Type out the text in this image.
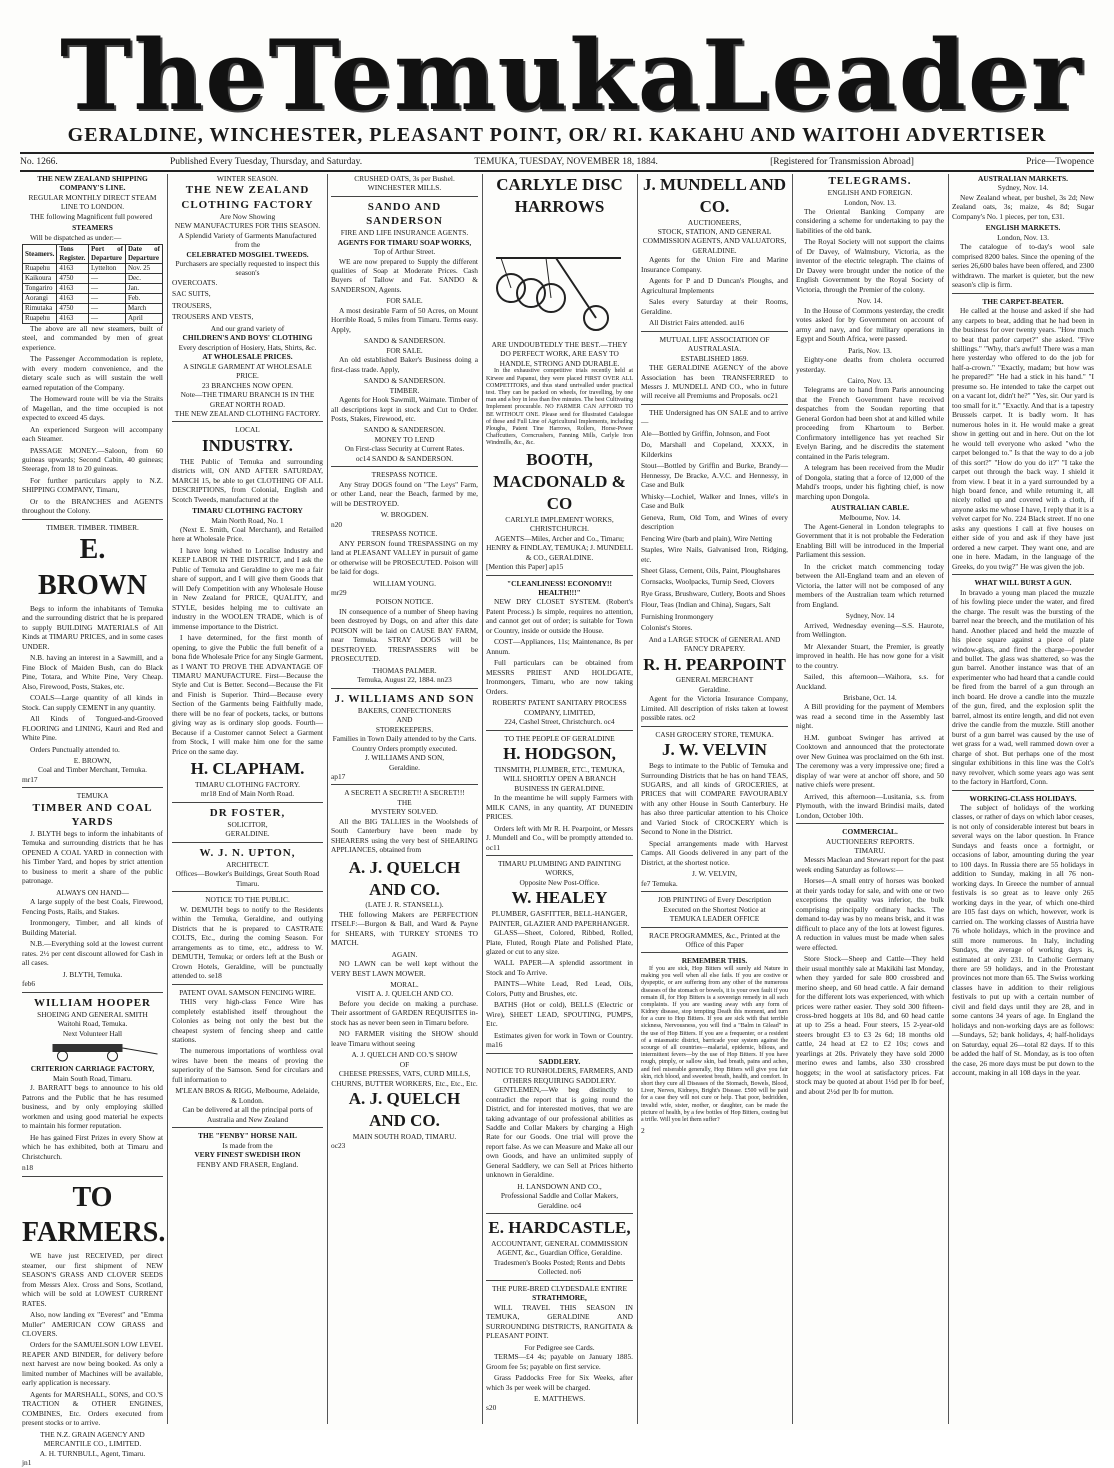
The Temuka Leader
GERALDINE, WINCHESTER, PLEASANT POINT, OR/ RI. KAKAHU AND WAITOHI ADVERTISER
No. 1266.	Published Every Tuesday, Thursday, and Saturday.	TEMUKA, TUESDAY, NOVEMBER 18, 1884.	[Registered for Transmission Abroad]	Price—Twopence
THE NEW ZEALAND SHIPPING COMPANY'S LINE.
REGULAR MONTHLY DIRECT STEAM LINE TO LONDON.

THE following Magnificent full powered

STEAMERS

Will be dispatched as under:—

Steamers.	Tons Register.	Port of Departure	Date of Departure
Ruapehu	4163	Lyttelton	Nov. 25
Kaikoura	4750	—	Dec.
Tongariro	4163	—	Jan.
Aorangi	4163	—	Feb.
Rimutaka	4750	—	March
Ruapehu	4163	—	April

The above are all new steamers, built of steel, and commanded by men of great experience.

The Passenger Accommodation is replete, with every modern convenience, and the dietary scale such as will sustain the well earned reputation of the Company.

The Homeward route will be via the Straits of Magellan, and the time occupied is not expected to exceed 45 days.

An experienced Surgeon will accompany each Steamer.

PASSAGE MONEY.—Saloon, from 60 guineas upwards; Second Cabin, 40 guineas; Steerage, from 18 to 20 guineas.

For further particulars apply to N.Z. SHIPPING COMPANY, Timaru,

Or to the BRANCHES and AGENTS throughout the Colony.

TIMBER. TIMBER. TIMBER.
E. BROWN

Begs to inform the inhabitants of Temuka and the surrounding district that he is prepared to supply BUILDING MATERIALS of All Kinds at TIMARU PRICES, and in some cases UNDER.

N.B. having an interest in a Sawmill, and a Fine Block of Maiden Bush, can do Black Pine, Totara, and White Pine, Very Cheap. Also, Firewood, Posts, Stakes, etc.

COALS—Large quantity of all kinds in Stock. Can supply CEMENT in any quantity.

All Kinds of Tongued-and-Grooved FLOORING and LINING, Kauri and Red and White Pine.

Orders Punctually attended to.

E. BROWN,
Coal and Timber Merchant, Temuka.
mr17
TEMUKA
TIMBER AND COAL YARDS

J. BLYTH begs to inform the inhabitants of Temuka and surrounding districts that he has OPENED A COAL YARD in connection with his Timber Yard, and hopes by strict attention to business to merit a share of the public patronage.

ALWAYS ON HAND—

A large supply of the best Coals, Firewood, Fencing Posts, Rails, and Stakes.

Ironmongery, Timber, and all kinds of Building Material.

N.B.—Everything sold at the lowest current rates. 2½ per cent discount allowed for Cash in all cases.

J. BLYTH, Temuka.
feb6
WILLIAM HOOPER
SHOEING AND GENERAL SMITH
Waitohi Road, Temuka.
Next Volunteer Hall
CRITERION CARRIAGE FACTORY,
Main South Road, Timaru.

J. BARRATT begs to announce to his old Patrons and the Public that he has resumed business, and by only employing skilled workmen and using good material he expects to maintain his former reputation.

He has gained First Prizes in every Show at which he has exhibited, both at Timaru and Christchurch.

n18
TO FARMERS.

WE have just RECEIVED, per direct steamer, our first shipment of NEW SEASON'S GRASS AND CLOVER SEEDS from Messrs Alex. Cross and Sons, Scotland, which will be sold at LOWEST CURRENT RATES.

Also, now landing ex "Everest" and "Emma Muller" AMERICAN COW GRASS and CLOVERS.

Orders for the SAMUELSON LOW LEVEL REAPER AND BINDER, for delivery before next harvest are now being booked. As only a limited number of Machines will be available, early application is necessary.

Agents for MARSHALL, SONS, and CO.'S TRACTION & OTHER ENGINES, COMBINES, Etc. Orders executed from present stocks or to arrive.

THE N.Z. GRAIN AGENCY AND MERCANTILE CO., LIMITED.
A. H. TURNBULL, Agent, Timaru.
jn1
WINTER SEASON.
THE NEW ZEALAND CLOTHING FACTORY
Are Now Showing
NEW MANUFACTURES FOR THIS SEASON.
A Splendid Variety of Garments Manufactured from the
CELEBRATED MOSGIEL TWEEDS.
Purchasers are specially requested to inspect this season's
OVERCOATS.
SAC SUITS,
TROUSERS,
TROUSERS AND VESTS,
And our grand variety of
CHILDREN'S AND BOYS' CLOTHING
Every description of Hosiery, Hats, Shirts, &c.
AT WHOLESALE PRICES.
A SINGLE GARMENT AT WHOLESALE PRICE.
23 BRANCHES NOW OPEN.
Note—THE TIMARU BRANCH IS IN THE GREAT NORTH ROAD.
THE NEW ZEALAND CLOTHING FACTORY.
LOCAL
INDUSTRY.

THE Public of Temuka and surrounding districts will, ON AND AFTER SATURDAY, MARCH 15, be able to get CLOTHING OF ALL DESCRIPTIONS, from Colonial, English and Scotch Tweeds, manufactured at the

TIMARU CLOTHING FACTORY
Main North Road, No. 1

(Next E. Smith, Coal Merchant), and Retailed here at Wholesale Price.

I have long wished to Localise Industry and KEEP LABOR IN THE DISTRICT, and I ask the Public of Temuka and Geraldine to give me a fair share of support, and I will give them Goods that will Defy Competition with any Wholesale House in New Zealand for PRICE, QUALITY, and STYLE, besides helping me to cultivate an industry in the WOOLEN TRADE, which is of immense importance to the District.

I have determined, for the first month of opening, to give the Public the full benefit of a bona fide Wholesale Price for any Single Garment, as I WANT TO PROVE THE ADVANTAGE OF TIMARU MANUFACTURE. First—Because the Style and Cut is Better. Second—Because the Fit and Finish is Superior. Third—Because every Section of the Garments being Faithfully made, there will be no fear of pockets, tacks, or buttons giving way as is ordinary slop goods. Fourth—Because if a Customer cannot Select a Garment from Stock, I will make him one for the same Price on the same day.

H. CLAPHAM.
TIMARU CLOTHING FACTORY.
mr18 End of Main North Road.
DR FOSTER,
SOLICITOR,
GERALDINE.
W. J. N. UPTON,
ARCHITECT.
Offices—Bowker's Buildings, Great South Road Timaru.
NOTICE TO THE PUBLIC.

W. DEMUTH begs to notify to the Residents within the Temuka, Geraldine, and outlying Districts that he is prepared to CASTRATE COLTS, Etc., during the coming Season. For arrangements as to time, etc., address to W. DEMUTH, Temuka; or orders left at the Bush or Crown Hotels, Geraldine, will be punctually attended to. se18

PATENT OVAL SAMSON FENCING WIRE.

THIS very high-class Fence Wire has completely established itself throughout the Colonies as being not only the best but the cheapest system of fencing sheep and cattle stations.

The numerous importations of worthless oval wires have been the means of proving the superiority of the Samson. Send for circulars and full information to

M'LEAN BROS & RIGG, Melbourne, Adelaide, & London.
Can be delivered at all the principal ports of Australia and New Zealand
THE "FENBY" HORSE NAIL
Is made from the
VERY FINEST SWEDISH IRON
FENBY AND FRASER, England.
CRUSHED OATS, 3s per Bushel.
WINCHESTER MILLS.
SANDO AND SANDERSON
FIRE AND LIFE INSURANCE AGENTS.
AGENTS FOR TIMARU SOAP WORKS,
Top of Arthur Street.

WE are now prepared to Supply the different qualities of Soap at Moderate Prices. Cash Buyers of Tallow and Fat. SANDO & SANDERSON, Agents.

FOR SALE.

A most desirable Farm of 50 Acres, on Mount Horrible Road, 5 miles from Timaru. Terms easy. Apply,

SANDO & SANDERSON.
FOR SALE.

An old established Baker's Business doing a first-class trade. Apply,

SANDO & SANDERSON.
TIMBER.

Agents for Hook Sawmill, Waimate. Timber of all descriptions kept in stock and Cut to Order. Posts, Stakes, Firewood, etc.

SANDO & SANDERSON.
MONEY TO LEND
On First-class Security at Current Rates.
oc14 SANDO & SANDERSON.
TRESPASS NOTICE.

Any Stray DOGS found on "The Leys" Farm, or other Land, near the Beach, farmed by me, will be DESTROYED.

W. BROGDEN.
n20
TRESPASS NOTICE.

ANY PERSON found TRESPASSING on my land at PLEASANT VALLEY in pursuit of game or otherwise will be PROSECUTED. Poison will be laid for dogs.

WILLIAM YOUNG.
mr29
POISON NOTICE.

IN consequence of a number of Sheep having been destroyed by Dogs, on and after this date POISON will be laid on CAUSE BAY FARM, near Temuka. STRAY DOGS will be DESTROYED. TRESPASSERS will be PROSECUTED.

THOMAS PALMER.
Temuka, August 22, 1884. nn23
J. WILLIAMS AND SON
BAKERS, CONFECTIONERS
AND
STOREKEEPERS.
Families in Town Daily attended to by the Carts.
Country Orders promptly executed.
J. WILLIAMS AND SON,
Geraldine.
ap17
A SECRET! A SECRET!! A SECRET!!!
THE
MYSTERY SOLVED.

All the BIG TALLIES in the Woolsheds of South Canterbury have been made by SHEARERS using the very best of SHEARING APPLIANCES, obtained from

A. J. QUELCH AND CO.
(LATE J. R. STANSELL).

THE following Makers are PERFECTION ITSELF:—Burgon & Ball, and Ward & Payne for SHEARS, with TURKEY STONES TO MATCH.

AGAIN.

NO LAWN can be well kept without the VERY BEST LAWN MOWER.

MORAL.
VISIT A. J. QUELCH AND CO.

Before you decide on making a purchase. Their assortment of GARDEN REQUISITES in-stock has as never been seen in Timaru before.

NO FARMER visiting the SHOW should leave Timaru without seeing

A. J. QUELCH AND CO.'S SHOW
OF
CHEESE PRESSES, VATS, CURD MILLS, CHURNS, BUTTER WORKERS, Etc., Etc., Etc.
A. J. QUELCH AND CO.
MAIN SOUTH ROAD, TIMARU.
oc23
CARLYLE DISC HARROWS
ARE UNDOUBTEDLY THE BEST.—THEY DO PERFECT WORK, ARE EASY TO HANDLE, STRONG AND DURABLE.

In the exhaustive competitive trials recently held at Kirwee and Papanui, they were placed FIRST OVER ALL COMPETITORS, and thus stand unrivalled under practical test. They can be packed on wheels, for travelling, by one man and a boy in less than five minutes. The best Cultivating Implement procurable. NO FARMER CAN AFFORD TO BE WITHOUT ONE. Please send for Illustrated Catalogue of these and Full Line of Agricultural Implements, including Ploughs, Patent Tine Harrows, Rollers, Horse-Power Chaffcutters, Corncrushers, Fanning Mills, Carlyle Iron Windmills, &c., &c.

BOOTH, MACDONALD & CO
CARLYLE IMPLEMENT WORKS, CHRISTCHURCH.
AGENTS—Miles, Archer and Co., Timaru; HENRY & FINDLAY, TEMUKA; J. MUNDELL & CO., GERALDINE.
[Mention this Paper] ap15
"CLEANLINESS! ECONOMY!! HEALTH!!!"

NEW DRY CLOSET SYSTEM. (Robert's Patent Process.) Is simple, requires no attention, and cannot get out of order; is suitable for Town or Country, inside or outside the House.

COST—Appliances, 11s; Maintenance, 8s per Annum.

Full particulars can be obtained from MESSRS PRIEST AND HOLDGATE, Ironmongers, Timaru, who are now taking Orders.

ROBERTS' PATENT SANITARY PROCESS COMPANY, LIMITED,
224, Cashel Street, Christchurch. oc4
TO THE PEOPLE OF GERALDINE
H. HODGSON,
TINSMITH, PLUMBER, ETC., TEMUKA,
WILL SHORTLY OPEN A BRANCH BUSINESS IN GERALDINE.

In the meantime he will supply Farmers with MILK CANS, in any quantity, AT DUNEDIN PRICES.

Orders left with Mr R. H. Pearpoint, or Messrs J. Mundell and Co., will be promptly attended to. oc11

TIMARU PLUMBING AND PAINTING WORKS,
Opposite New Post-Office.
W. HEALEY
PLUMBER, GASFITTER, BELL-HANGER, PAINTER, GLAZIER AND PAPERHANGER.

GLASS—Sheet, Colored, Ribbed, Rolled, Plate, Fluted, Rough Plate and Polished Plate, glazed or cut to any size.

WALL PAPER—A splendid assortment in Stock and To Arrive.

PAINTS—White Lead, Red Lead, Oils, Colors, Putty and Brushes, etc.

BATHS (Hot or cold), BELLS (Electric or Wire), SHEET LEAD, SPOUTING, PUMPS, Etc.

Estimates given for work in Town or Country. ma16

SADDLERY.
NOTICE TO RUNHOLDERS, FARMERS, AND OTHERS REQUIRING SADDLERY.

GENTLEMEN,—We beg distinctly to contradict the report that is going round the District, and for interested motives, that we are taking advantage of our professional abilities as Saddle and Collar Makers by charging a High Rate for our Goods. One trial will prove the report false. As we can Measure and Make all our own Goods, and have an unlimited supply of General Saddlery, we can Sell at Prices hitherto unknown in Geraldine.

H. LANSDOWN AND CO.,
Professional Saddle and Collar Makers, Geraldine. oc4
E. HARDCASTLE,
ACCOUNTANT, GENERAL COMMISSION AGENT, &c., Guardian Office, Geraldine.
Tradesmen's Books Posted; Rents and Debts Collected. no6
THE PURE-BRED CLYDESDALE ENTIRE
STRATHMORE,

WILL TRAVEL THIS SEASON IN TEMUKA, GERALDINE AND SURROUNDING DISTRICTS, RANGITATA & PLEASANT POINT.

For Pedigree see Cards.

TERMS—£4 4s; payable on January 1885. Groom fee 5s; payable on first service.

Grass Paddocks Free for Six Weeks, after which 3s per week will be charged.

E. MATTHEWS.
s20
J. MUNDELL AND CO.
AUCTIONEERS,
STOCK, STATION, AND GENERAL COMMISSION AGENTS, AND VALUATORS,
GERALDINE.

Agents for the Union Fire and Marine Insurance Company.

Agents for P and D Duncan's Ploughs, and Agricultural Implements

Sales every Saturday at their Rooms, Geraldine.

All District Fairs attended. au16

MUTUAL LIFE ASSOCIATION OF AUSTRALASIA.
ESTABLISHED 1869.

THE GERALDINE AGENCY of the above Association has been TRANSFERRED to Messrs J. MUNDELL AND CO., who in future will receive all Premiums and Proposals. oc21

THE Undersigned has ON SALE and to arrive—

Ale—Bottled by Griffin, Johnson, and Foot
Do, Marshall and Copeland, XXXX, in Kilderkins
Stout—Bottled by Griffin and Burke, Brandy—Hennessy, De Bracke, A.V.C. and Hennessy, in Case and Bulk
Whisky—Lochiel, Walker and Innes, ville's in Case and Bulk
Geneva, Rum, Old Tom, and Wines of every description
Fencing Wire (barb and plain), Wire Netting
Staples, Wire Nails, Galvanised Iron, Ridging, etc.
Sheet Glass, Cement, Oils, Paint, Ploughshares
Cornsacks, Woolpacks, Turnip Seed, Clovers
Rye Grass, Brushware, Cutlery, Boots and Shoes
Flour, Teas (Indian and China), Sugars, Salt
Furnishing Ironmongery
Colonist's Stores.
And a LARGE STOCK of GENERAL AND FANCY DRAPERY.
R. H. PEARPOINT
GENERAL MERCHANT
Geraldine.

Agent for the Victoria Insurance Company, Limited. All description of risks taken at lowest possible rates. oc2

CASH GROCERY STORE, TEMUKA.
J. W. VELVIN

Begs to intimate to the Public of Temuka and Surrounding Districts that he has on hand TEAS, SUGARS, and all kinds of GROCERIES, at PRICES that will COMPARE FAVOURABLY with any other House in South Canterbury. He has also three particular attention to his Choice and Varied Stock of CROCKERY which is Second to None in the District.

Special arrangements made with Harvest Camps. All Goods delivered in any part of the District, at the shortest notice.

J. W. VELVIN,
fe7 Temuka.
JOB PRINTING of Every Description
Executed on the Shortest Notice at
TEMUKA LEADER OFFICE
RACE PROGRAMMES, &c., Printed at the Office of this Paper
REMEMBER THIS.

If you are sick, Hop Bitters will surely aid Nature in making you well when all else fails. If you are costive or dyspeptic, or are suffering from any other of the numerous diseases of the stomach or bowels, it is your own fault if you remain ill, for Hop Bitters is a sovereign remedy in all such complaints. If you are wasting away with any form of Kidney disease, stop tempting Death this moment, and turn for a cure to Hop Bitters. If you are sick with that terrible sickness, Nervousness, you will find a "Balm in Gilead" in the use of Hop Bitters. If you are a frequenter, or a resident of a miasmatic district, barricade your system against the scourge of all countries—malarial, epidemic, bilious, and intermittent fevers—by the use of Hop Bitters. If you have rough, pimply, or sallow skin, bad breath, pains and aches, and feel miserable generally, Hop Bitters will give you fair skin, rich blood, and sweetest breath, health, and comfort. In short they cure all Diseases of the Stomach, Bowels, Blood, Liver, Nerves, Kidneys, Bright's Disease. £500 will be paid for a case they will not cure or help. That poor, bedridden, invalid wife, sister, mother, or daughter, can be made the picture of health, by a few bottles of Hop Bitters, costing but a trifle. Will you let them suffer?

2
TELEGRAMS.
ENGLISH AND FOREIGN.
London, Nov. 13.

The Oriental Banking Company are considering a scheme for undertaking to pay the liabilities of the old bank.

The Royal Society will not support the claims of Dr Davey, of Walmsbury, Victoria, as the inventor of the electric telegraph. The claims of Dr Davey were brought under the notice of the English Government by the Royal Society of Victoria, through the Premier of the colony.

Nov. 14.

In the House of Commons yesterday, the credit votes asked for by Government on account of army and navy, and for military operations in Egypt and South Africa, were passed.

Paris, Nov. 13.

Eighty-one deaths from cholera occurred yesterday.

Cairo, Nov. 13.

Telegrams are to hand from Paris announcing that the French Government have received despatches from the Soudan reporting that General Gordon had been shot at and killed while proceeding from Khartoum to Berber. Confirmatory intelligence has yet reached Sir Evelyn Baring, and he discredits the statement contained in the Paris telegram.

A telegram has been received from the Mudir of Dongola, stating that a force of 12,000 of the Mahdi's troops, under his fighting chief, is now marching upon Dongola.

AUSTRALIAN CABLE.
Melbourne, Nov. 14.

The Agent-General in London telegraphs to Government that it is not probable the Federation Enabling Bill will be introduced in the Imperial Parliament this session.

In the cricket match commencing today between the All-England team and an eleven of Victoria, the latter will not be composed of any members of the Australian team which returned from England.

Sydney, Nov. 14

Arrived, Wednesday evening—S.S. Haurote, from Wellington.

Mr Alexander Stuart, the Premier, is greatly improved in health. He has now gone for a visit to the country.

Sailed, this afternoon—Waihora, s.s. for Auckland.

Brisbane, Oct. 14.

A Bill providing for the payment of Members was read a second time in the Assembly last night.

H.M. gunboat Swinger has arrived at Cooktown and announced that the protectorate over New Guinea was proclaimed on the 6th inst. The ceremony was a very impressive one; fired a display of war were at anchor off shore, and 50 native chiefs were present.

Arrived, this afternoon—Lusitania, s.s. from Plymouth, with the inward Brindisi mails, dated London, October 10th.

COMMERCIAL.
AUCTIONEERS' REPORTS.
TIMARU.

Messrs Maclean and Stewart report for the past week ending Saturday as follows:—

Horses—A small entry of horses was booked at their yards today for sale, and with one or two exceptions the quality was inferior, the bulk comprising principally ordinary hacks. The demand to-day was by no means brisk, and it was difficult to place any of the lots at lowest figures. A reduction in values must be made when sales were effected.

Store Stock—Sheep and Cattle—They held their usual monthly sale at Makikihi last Monday, when they yarded for sale 800 crossbred and merino sheep, and 60 head cattle. A fair demand for the different lots was experienced, with which prices were rather easier. They sold 300 fifteen-cross-bred hoggets at 10s 8d, and 60 head cattle at up to 25s a head. Four steers, 15 2-year-old steers brought £3 to £3 2s 6d; 18 months old cattle, 24 head at £2 to £2 10s; cows and yearlings at 20s. Privately they have sold 2000 merino ewes and lambs, also 330 crossbred hoggets; in the wool at satisfactory prices. Fat stock may be quoted at about 1½d per lb for beef, and about 2½d per lb for mutton.

AUSTRALIAN MARKETS.
Sydney, Nov. 14.

New Zealand wheat, per bushel, 3s 2d; New Zealand oats, 3s; maize, 4s 8d; Sugar Company's No. 1 pieces, per ton, £31.

ENGLISH MARKETS.
London, Nov. 13.

The catalogue of to-day's wool sale comprised 8200 bales. Since the opening of the series 26,600 bales have been offered, and 2300 withdrawn. The market is quieter, but the new season's clip is firm.

THE CARPET-BEATER.

He called at the house and asked if she had any carpets to beat, adding that he had been in the business for over twenty years. "How much to beat that parlor carpet?" she asked. "Five shillings." "Why, that's awful! There was a man here yesterday who offered to do the job for half-a-crown." "Exactly, madam; but how was he prepared?" "He had a stick in his hand." "I presume so. He intended to take the carpet out on a vacant lot, didn't he?" "Yes, sir. Our yard is too small for it." "Exactly. And that is a tapestry Brussels carpet. It is badly worn. It has numerous holes in it. He would make a great show in getting out and in here. Out on the lot he would tell everyone who asked "who the carpet belonged to." Is that the way to do a job of this sort?" "How do you do it?" "I take the carpet out through the back way. I shield it from view. I beat it in a yard surrounded by a high board fence, and while returning it, all nicely rolled up and covered with a cloth, if anyone asks me whose I have, I reply that it is a velvet carpet for No. 224 Black street. If no one asks any questions I call at five houses on either side of you and ask if they have just ordered a new carpet. They want one, and are one in here. Madam, in the language of the Greeks, do you twig?" He was given the job.

WHAT WILL BURST A GUN.

In bravado a young man placed the muzzle of his fowling piece under the water, and fired the charge. The result was the bursting of the barrel near the breech, and the mutilation of his hand. Another placed and held the muzzle of his piece square against a piece of plate window-glass, and fired the charge—powder and bullet. The glass was shattered, so was the gun barrel. Another instance was that of an experimenter who had heard that a candle could be fired from the barrel of a gun through an inch board. He drove a candle into the muzzle of the gun, fired, and the explosion split the barrel, almost its entire length, and did not even drive the candle from the muzzle. Still another burst of a gun barrel was caused by the use of wet grass for a wad, well rammed down over a charge of shot. But perhaps one of the most singular exhibitions in this line was the Colt's navy revolver, which some years ago was sent to the factory in Hartford, Conn.

WORKING-CLASS HOLIDAYS.

The subject of holidays of the working classes, or rather of days on which labor ceases, is not only of considerable interest but bears in several ways on the labor question. In France Sundays and feasts once a fortnight, or occasions of labor, amounting during the year to 100 days. In Russia there are 55 holidays in addition to Sunday, making in all 76 non-working days. In Greece the number of annual festivals is so great as to leave only 265 working days in the year, of which one-third are 105 fast days on which, however, work is carried on. The working classes of Austria have 76 whole holidays, which in the province and still more numerous. In Italy, including Sundays, the average of working days is, estimated at only 231. In Catholic Germany there are 59 holidays, and in the Protestant provinces not more than 65. The Swiss working classes have in addition to their religious festivals to put up with a certain number of civil and field days until they are 28, and in some cantons 34 years of age. In England the holidays and non-working days are as follows:—Sundays, 52; bank holidays, 4; half-holidays on Saturday, equal 26—total 82 days. If to this be added the half of St. Monday, as is too often the case, 26 more days must be put down to the account, making in all 108 days in the year.
